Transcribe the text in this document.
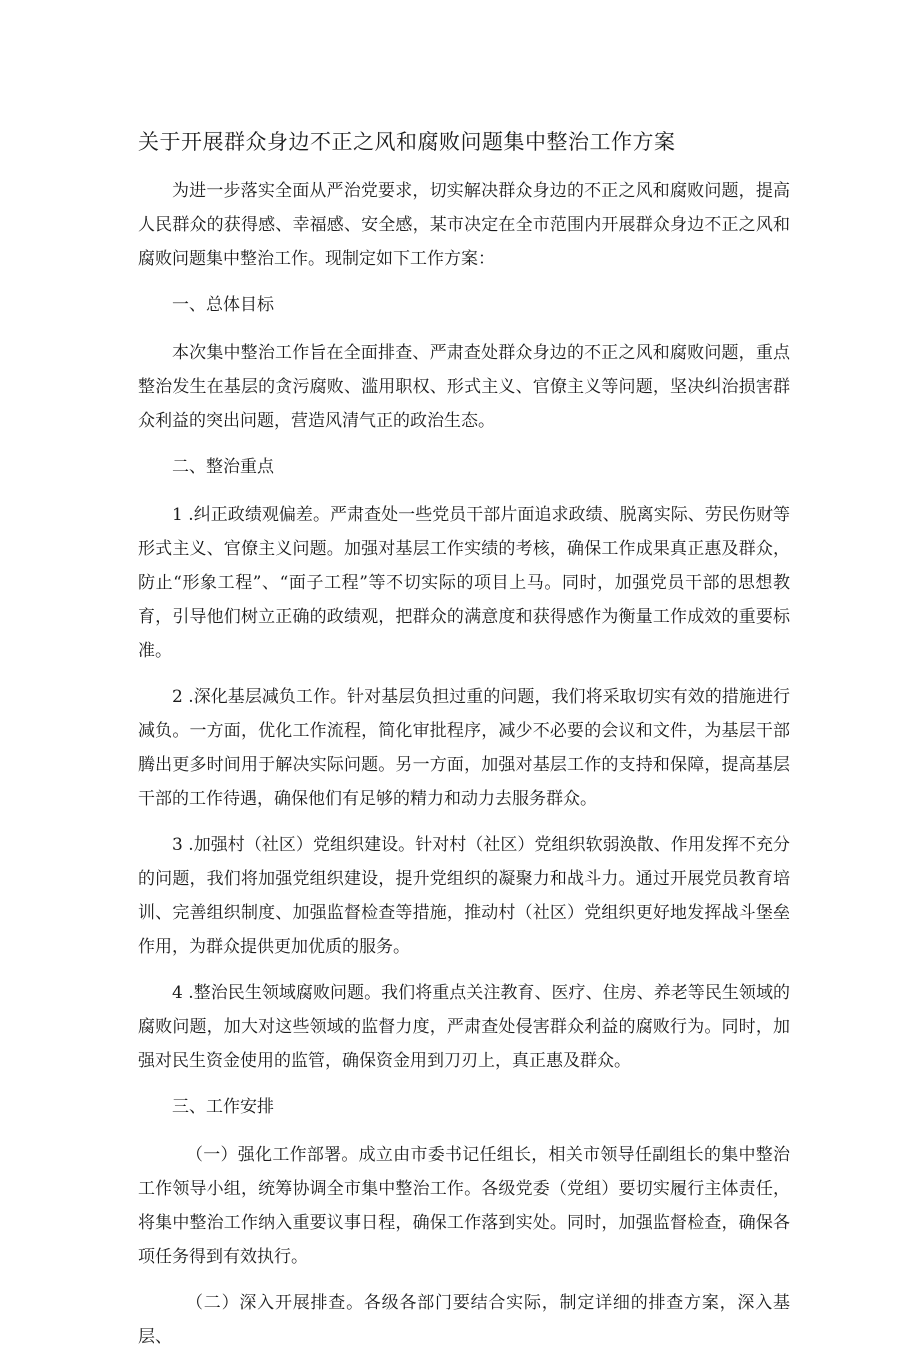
关于开展群众身边不正之风和腐败问题集中整治工作方案

为进一步落实全面从严治党要求，切实解决群众身边的不正之风和腐败问题，提高人民群众的获得感、幸福感、安全感，某市决定在全市范围内开展群众身边不正之风和腐败问题集中整治工作。现制定如下工作方案：

一、总体目标

本次集中整治工作旨在全面排查、严肃查处群众身边的不正之风和腐败问题，重点整治发生在基层的贪污腐败、滥用职权、形式主义、官僚主义等问题，坚决纠治损害群众利益的突出问题，营造风清气正的政治生态。

二、整治重点

1 .纠正政绩观偏差。严肃查处一些党员干部片面追求政绩、脱离实际、劳民伤财等形式主义、官僚主义问题。加强对基层工作实绩的考核，确保工作成果真正惠及群众，防止“形象工程”、“面子工程”等不切实际的项目上马。同时，加强党员干部的思想教育，引导他们树立正确的政绩观，把群众的满意度和获得感作为衡量工作成效的重要标准。

2 .深化基层减负工作。针对基层负担过重的问题，我们将采取切实有效的措施进行减负。一方面，优化工作流程，简化审批程序，减少不必要的会议和文件，为基层干部腾出更多时间用于解决实际问题。另一方面，加强对基层工作的支持和保障，提高基层干部的工作待遇，确保他们有足够的精力和动力去服务群众。

3 .加强村（社区）党组织建设。针对村（社区）党组织软弱涣散、作用发挥不充分的问题，我们将加强党组织建设，提升党组织的凝聚力和战斗力。通过开展党员教育培训、完善组织制度、加强监督检查等措施，推动村（社区）党组织更好地发挥战斗堡垒作用，为群众提供更加优质的服务。

4 .整治民生领域腐败问题。我们将重点关注教育、医疗、住房、养老等民生领域的腐败问题，加大对这些领域的监督力度，严肃查处侵害群众利益的腐败行为。同时，加强对民生资金使用的监管，确保资金用到刀刃上，真正惠及群众。

三、工作安排

（一）强化工作部署。成立由市委书记任组长，相关市领导任副组长的集中整治工作领导小组，统筹协调全市集中整治工作。各级党委（党组）要切实履行主体责任，将集中整治工作纳入重要议事日程，确保工作落到实处。同时，加强监督检查，确保各项任务得到有效执行。

（二）深入开展排查。各级各部门要结合实际，制定详细的排查方案，深入基层、
